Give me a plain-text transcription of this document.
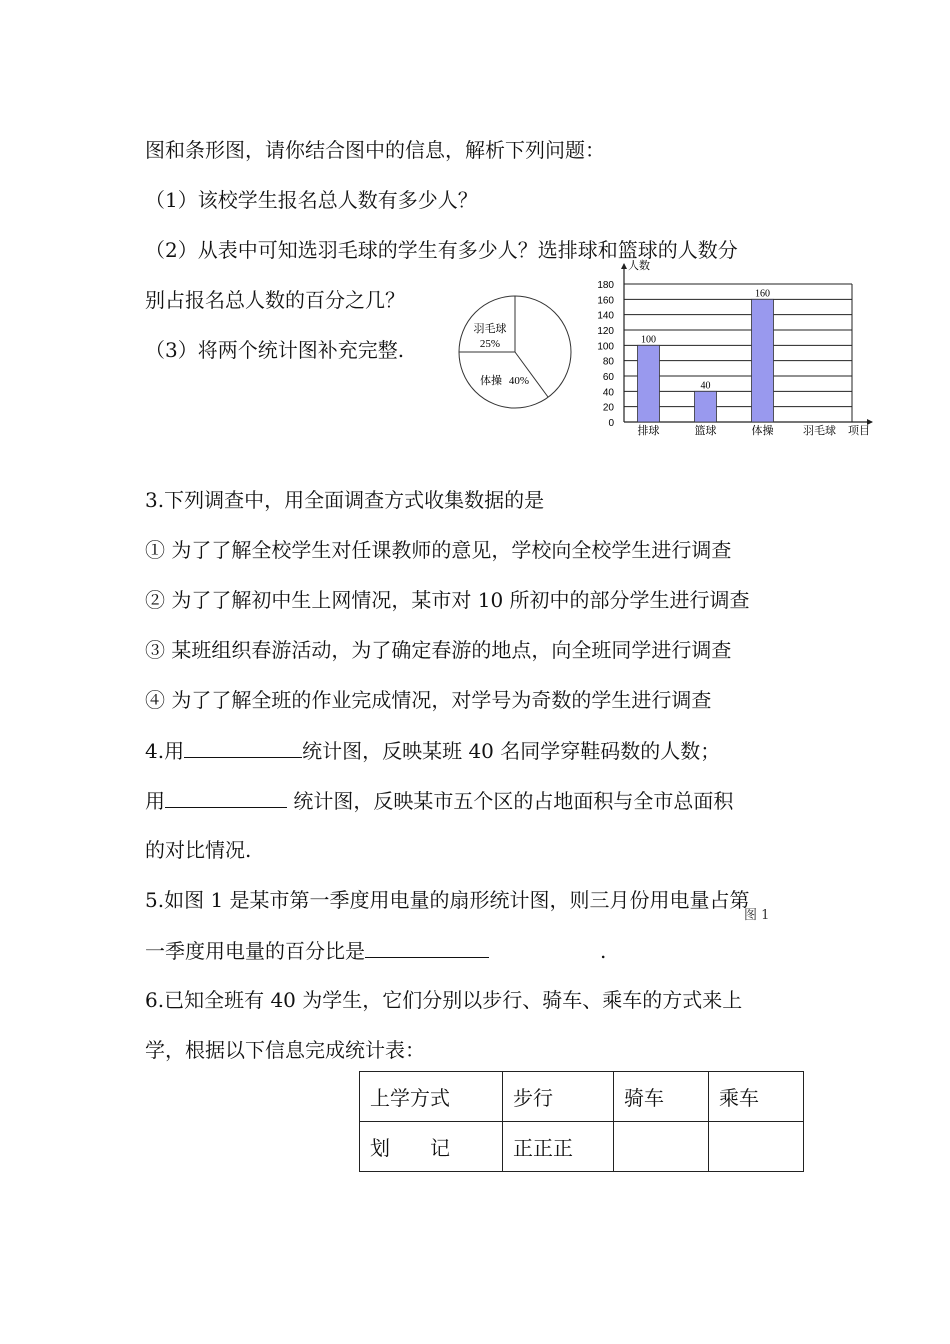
图和条形图，请你结合图中的信息，解析下列问题：
（1）该校学生报名总人数有多少人？
（2）从表中可知选羽毛球的学生有多少人？选排球和篮球的人数分
别占报名总人数的百分之几？
（3）将两个统计图补充完整.
羽毛球
25%
体操 40%
0
20
40
60
80
100
120
140
160
180
人数
项目
100
排球
40
篮球
160
体操	羽毛球
3.下列调查中，用全面调查方式收集数据的是
① 为了了解全校学生对任课教师的意见，学校向全校学生进行调查
② 为了了解初中生上网情况，某市对 10 所初中的部分学生进行调查
③ 某班组织春游活动，为了确定春游的地点，向全班同学进行调查
④ 为了了解全班的作业完成情况，对学号为奇数的学生进行调查
4.用	统计图，反映某班 40 名同学穿鞋码数的人数；
用	统计图，反映某市五个区的占地面积与全市总面积
的对比情况.
5.如图 1 是某市第一季度用电量的扇形统计图，则三月份用电量占第
图 1
一季度用电量的百分比是	.
6.已知全班有 40 为学生，它们分别以步行、骑车、乘车的方式来上
学，根据以下信息完成统计表：
上学方式	步行	骑车	乘车
划　　记	正正正		
